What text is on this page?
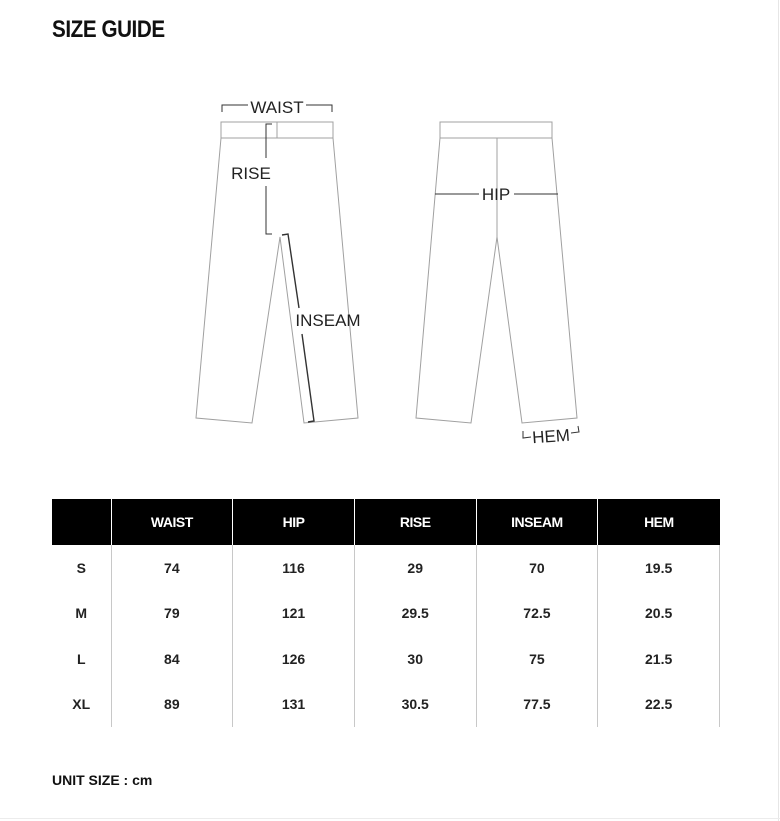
SIZE GUIDE
WAIST
RISE
INSEAM
HIP
HEM
	WAIST	HIP	RISE	INSEAM	HEM
S	74	116	29	70	19.5
M	79	121	29.5	72.5	20.5
L	84	126	30	75	21.5
XL	89	131	30.5	77.5	22.5
UNIT SIZE : cm
